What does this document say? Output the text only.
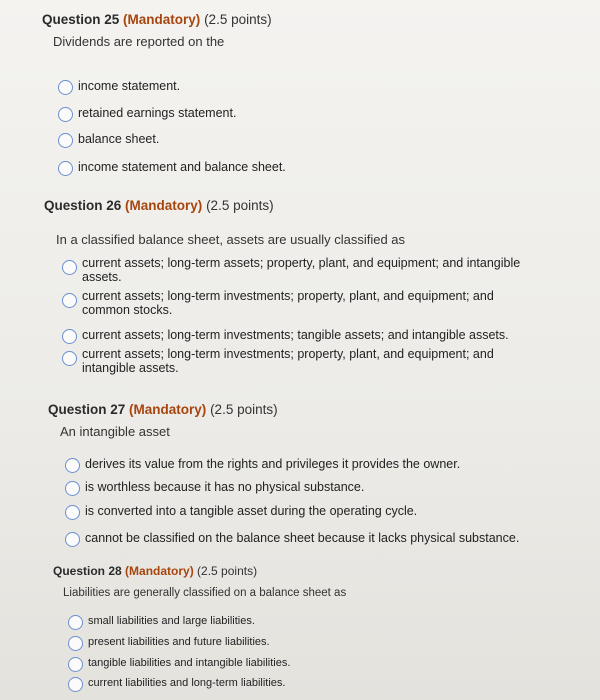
Question 25 (Mandatory) (2.5 points)
Dividends are reported on the
income statement.
retained earnings statement.
balance sheet.
income statement and balance sheet.
Question 26 (Mandatory) (2.5 points)
In a classified balance sheet, assets are usually classified as
current assets; long-term assets; property, plant, and equipment; and intangible assets.
current assets; long-term investments; property, plant, and equipment; and common stocks.
current assets; long-term investments; tangible assets; and intangible assets.
current assets; long-term investments; property, plant, and equipment; and intangible assets.
Question 27 (Mandatory) (2.5 points)
An intangible asset
derives its value from the rights and privileges it provides the owner.
is worthless because it has no physical substance.
is converted into a tangible asset during the operating cycle.
cannot be classified on the balance sheet because it lacks physical substance.
Question 28 (Mandatory) (2.5 points)
Liabilities are generally classified on a balance sheet as
small liabilities and large liabilities.
present liabilities and future liabilities.
tangible liabilities and intangible liabilities.
current liabilities and long-term liabilities.
